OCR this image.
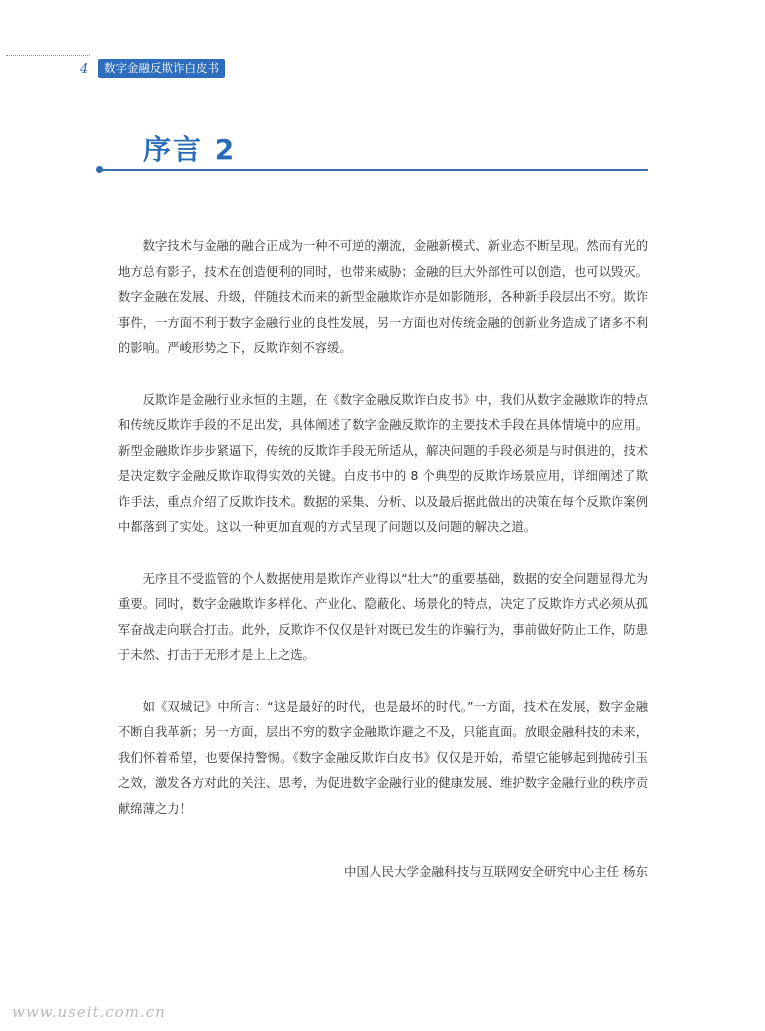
4	数字金融反欺诈白皮书
序言 2

数字技术与金融的融合正成为一种不可逆的潮流，金融新模式、新业态不断呈现。然而有光的地方总有影子，技术在创造便利的同时，也带来威胁；金融的巨大外部性可以创造，也可以毁灭。数字金融在发展、升级，伴随技术而来的新型金融欺诈亦是如影随形，各种新手段层出不穷。欺诈事件，一方面不利于数字金融行业的良性发展，另一方面也对传统金融的创新业务造成了诸多不利的影响。严峻形势之下，反欺诈刻不容缓。

反欺诈是金融行业永恒的主题，在《数字金融反欺诈白皮书》中，我们从数字金融欺诈的特点和传统反欺诈手段的不足出发，具体阐述了数字金融反欺诈的主要技术手段在具体情境中的应用。新型金融欺诈步步紧逼下，传统的反欺诈手段无所适从，解决问题的手段必须是与时俱进的，技术是决定数字金融反欺诈取得实效的关键。白皮书中的 8 个典型的反欺诈场景应用，详细阐述了欺诈手法，重点介绍了反欺诈技术。数据的采集、分析、以及最后据此做出的决策在每个反欺诈案例中都落到了实处。这以一种更加直观的方式呈现了问题以及问题的解决之道。

无序且不受监管的个人数据使用是欺诈产业得以“壮大”的重要基础，数据的安全问题显得尤为重要。同时，数字金融欺诈多样化、产业化、隐蔽化、场景化的特点，决定了反欺诈方式必须从孤军奋战走向联合打击。此外，反欺诈不仅仅是针对既已发生的诈骗行为，事前做好防止工作，防患于未然、打击于无形才是上上之选。

如《双城记》中所言：“这是最好的时代，也是最坏的时代。”一方面，技术在发展，数字金融不断自我革新；另一方面，层出不穷的数字金融欺诈避之不及，只能直面。放眼金融科技的未来，我们怀着希望，也要保持警惕。《数字金融反欺诈白皮书》仅仅是开始，希望它能够起到抛砖引玉之效，激发各方对此的关注、思考，为促进数字金融行业的健康发展、维护数字金融行业的秩序贡献绵薄之力！

中国人民大学金融科技与互联网安全研究中心主任 杨东
www.useit.com.cn
